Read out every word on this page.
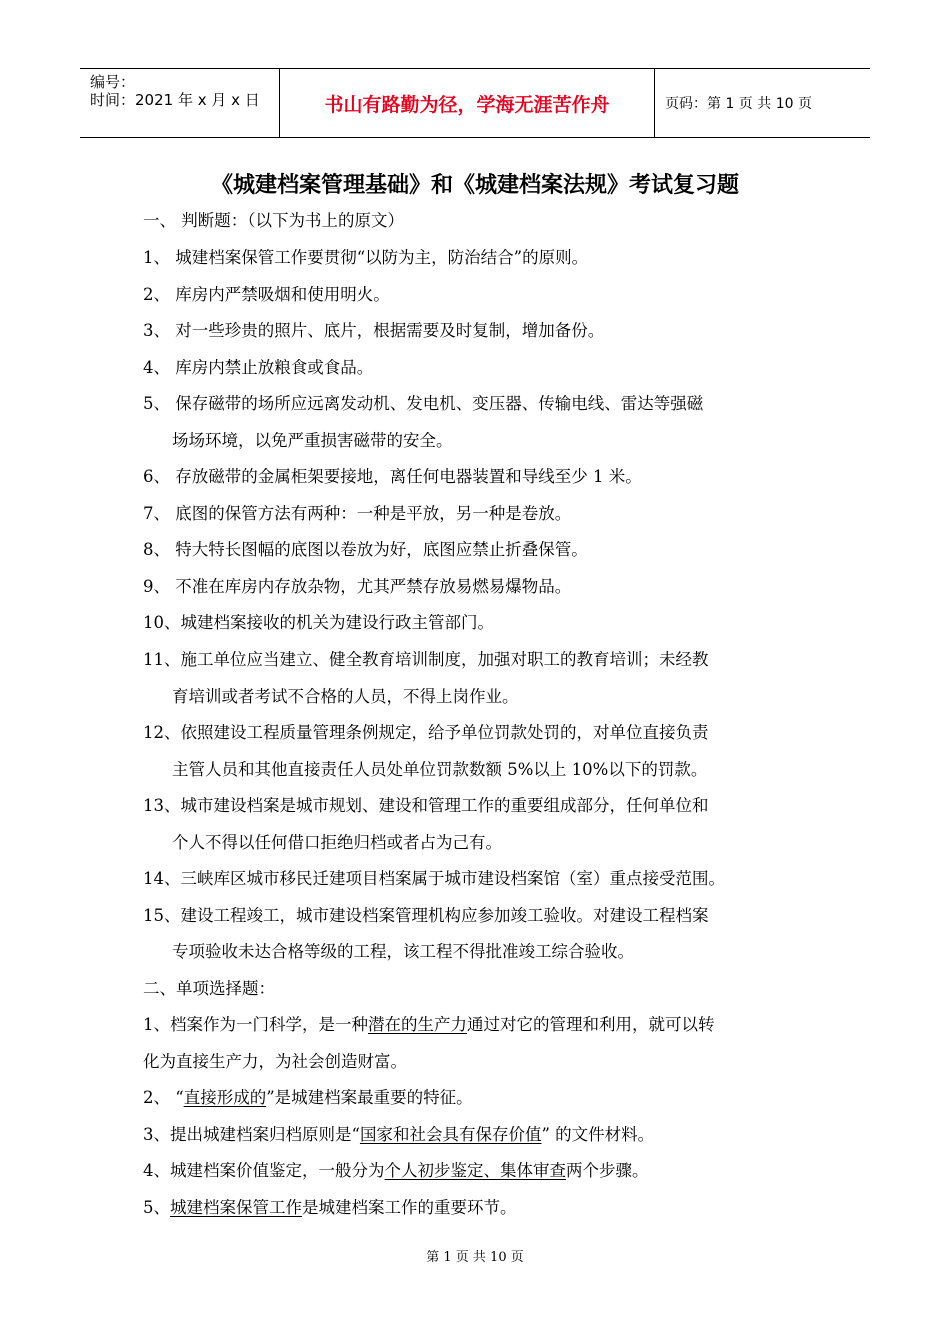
编号：
时间：2021 年 x 月 x 日	书山有路勤为径，学海无涯苦作舟	页码：第 1 页 共 10 页
《城建档案管理基础》和《城建档案法规》考试复习题
一、 判断题：（以下为书上的原文）
1、 城建档案保管工作要贯彻“以防为主，防治结合”的原则。
2、 库房内严禁吸烟和使用明火。
3、 对一些珍贵的照片、底片，根据需要及时复制，增加备份。
4、 库房内禁止放粮食或食品。
5、 保存磁带的场所应远离发动机、发电机、变压器、传输电线、雷达等强磁
场场环境，以免严重损害磁带的安全。
6、 存放磁带的金属柜架要接地，离任何电器装置和导线至少 1 米。
7、 底图的保管方法有两种：一种是平放，另一种是卷放。
8、 特大特长图幅的底图以卷放为好，底图应禁止折叠保管。
9、 不准在库房内存放杂物，尤其严禁存放易燃易爆物品。
10、城建档案接收的机关为建设行政主管部门。
11、施工单位应当建立、健全教育培训制度，加强对职工的教育培训；未经教
育培训或者考试不合格的人员，不得上岗作业。
12、依照建设工程质量管理条例规定，给予单位罚款处罚的，对单位直接负责
主管人员和其他直接责任人员处单位罚款数额 5%以上 10%以下的罚款。
13、城市建设档案是城市规划、建设和管理工作的重要组成部分，任何单位和
个人不得以任何借口拒绝归档或者占为己有。
14、三峡库区城市移民迁建项目档案属于城市建设档案馆（室）重点接受范围。
15、建设工程竣工，城市建设档案管理机构应参加竣工验收。对建设工程档案
专项验收未达合格等级的工程，该工程不得批准竣工综合验收。
二、单项选择题：
1、档案作为一门科学，是一种潜在的生产力通过对它的管理和利用，就可以转
化为直接生产力，为社会创造财富。
2、 “直接形成的”是城建档案最重要的特征。
3、提出城建档案归档原则是“国家和社会具有保存价值” 的文件材料。
4、城建档案价值鉴定，一般分为个人初步鉴定、集体审查两个步骤。
5、城建档案保管工作是城建档案工作的重要环节。
第 1 页 共 10 页
